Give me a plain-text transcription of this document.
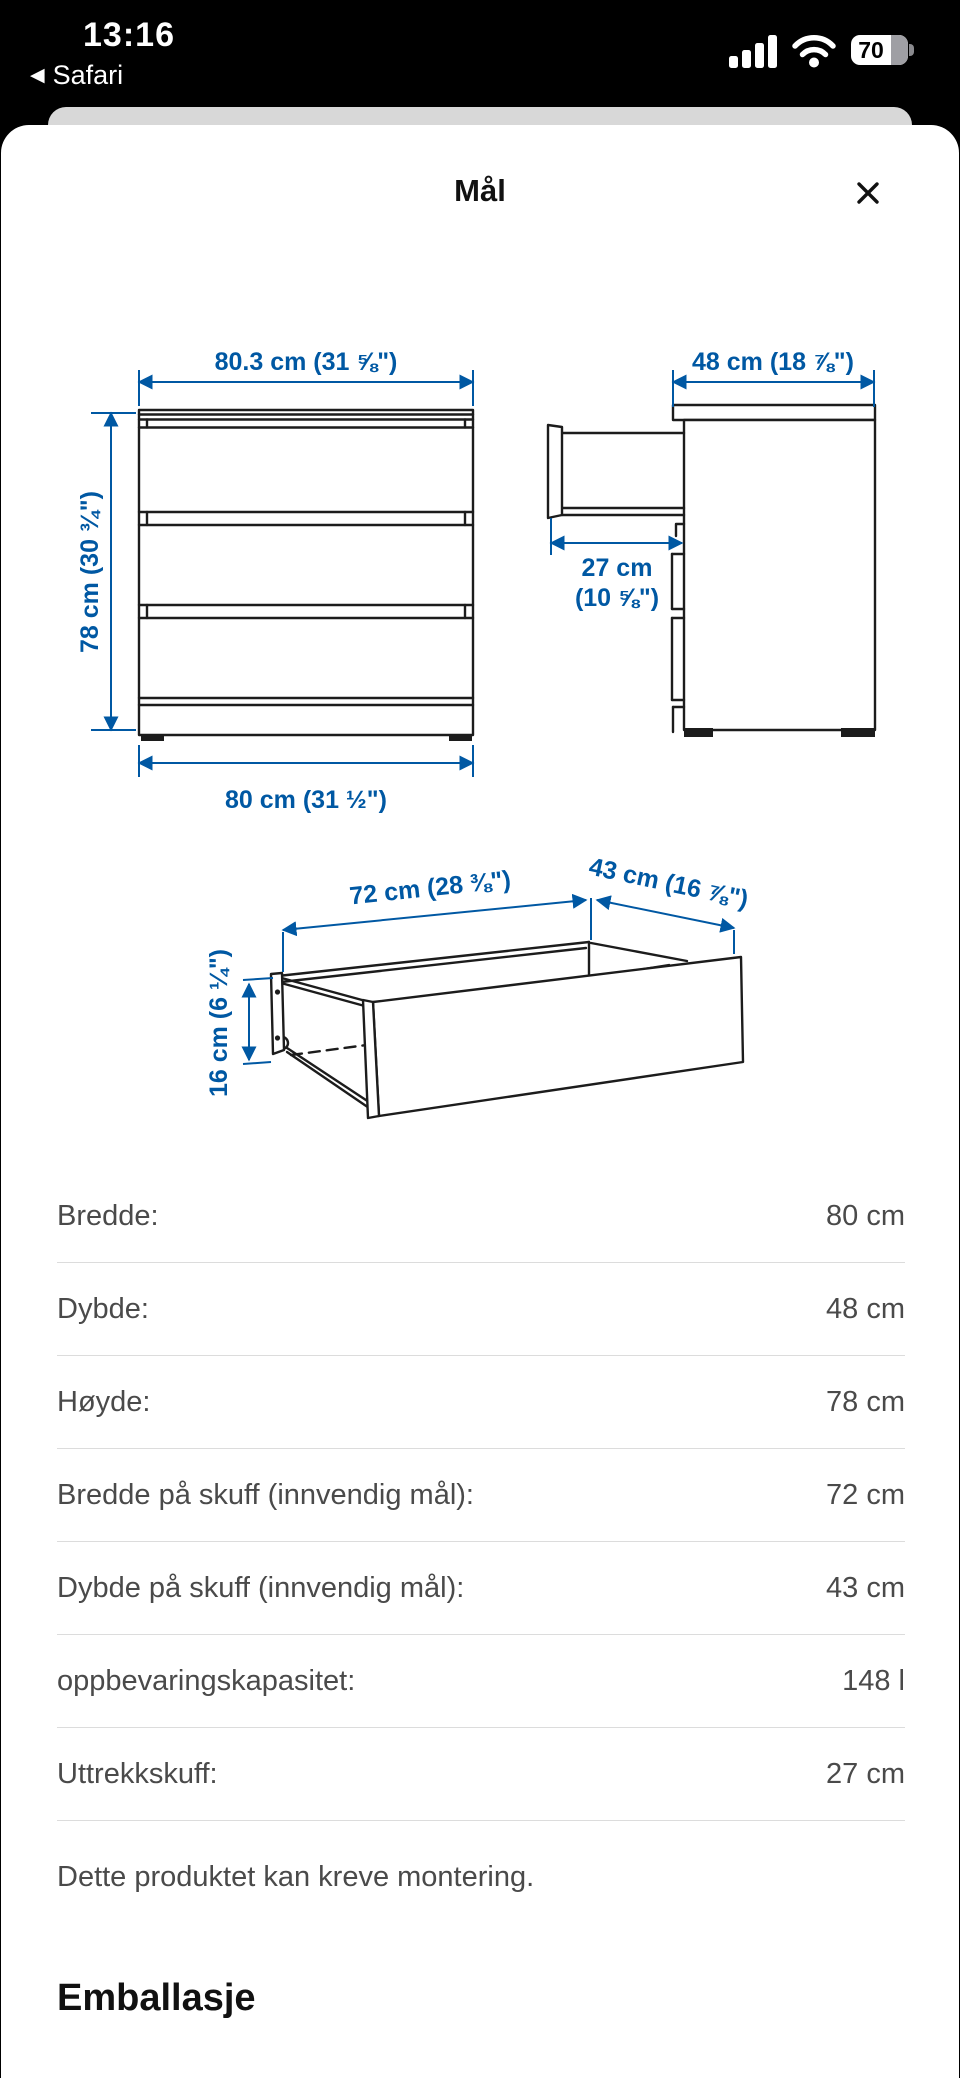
13:16
◀ Safari
70
Mål
80.3 cm (31 ⅝")
78 cm (30 ¾")
80 cm (31 ½")
48 cm (18 ⅞")
27 cm
(10 ⅝")
72 cm (28 ⅜")	43 cm (16 ⅞")
16 cm (6 ¼")
Bredde:	80 cm
Dybde:	48 cm
Høyde:	78 cm
Bredde på skuff (innvendig mål):	72 cm
Dybde på skuff (innvendig mål):	43 cm
oppbevaringskapasitet:	148 l
Uttrekkskuff:	27 cm

Dette produktet kan kreve montering.

Emballasje
